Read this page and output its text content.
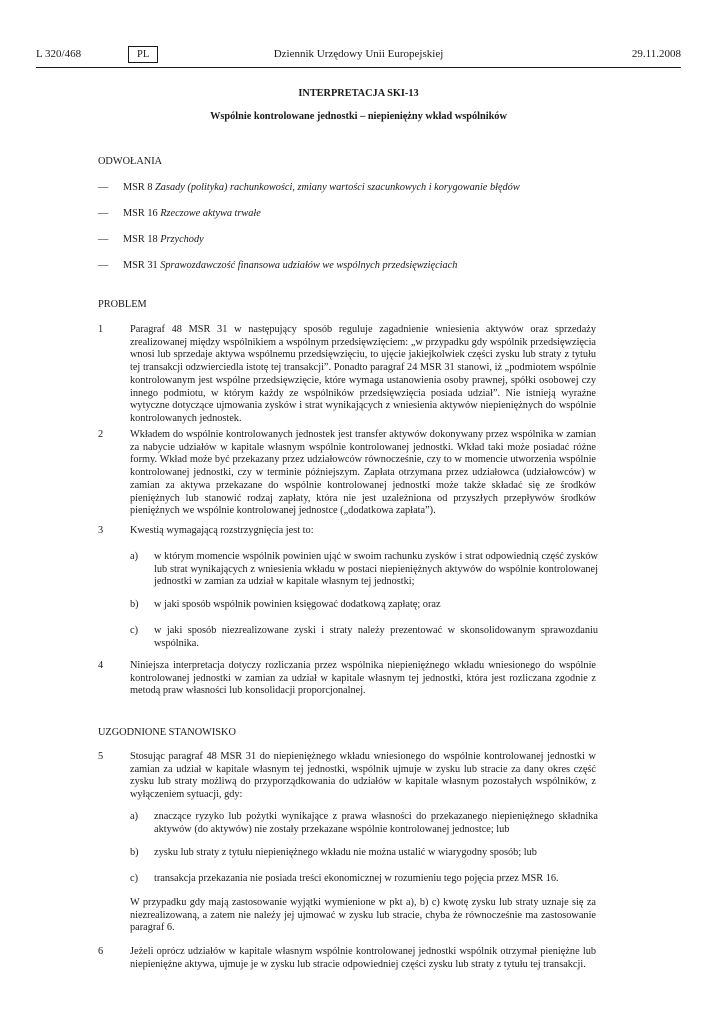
L 320/468	PL	Dziennik Urzędowy Unii Europejskiej	29.11.2008
INTERPRETACJA SKI-13
Wspólnie kontrolowane jednostki – niepieniężny wkład wspólników
ODWOŁANIA
— MSR 8 Zasady (polityka) rachunkowości, zmiany wartości szacunkowych i korygowanie błędów
— MSR 16 Rzeczowe aktywa trwałe
— MSR 18 Przychody
— MSR 31 Sprawozdawczość finansowa udziałów we wspólnych przedsięwzięciach
PROBLEM
1	Paragraf 48 MSR 31 w następujący sposób reguluje zagadnienie wniesienia aktywów oraz sprzedaży zrealizowanej między wspólnikiem a wspólnym przedsięwzięciem: „w przypadku gdy wspólnik przedsięwzięcia wnosi lub sprzedaje aktywa wspólnemu przedsięwzięciu, to ujęcie jakiejkolwiek części zysku lub straty z tytułu tej transakcji odzwierciedla istotę tej transakcji”. Ponadto paragraf 24 MSR 31 stanowi, iż „podmiotem wspólnie kontrolowanym jest wspólne przedsięwzięcie, które wymaga ustanowienia osoby prawnej, spółki osobowej czy innego podmiotu, w którym każdy ze wspólników przedsięwzięcia posiada udział”. Nie istnieją wyraźne wytyczne dotyczące ujmowania zysków i strat wynikających z wniesienia aktywów niepieniężnych do wspólnie kontrolowanych jednostek.
2	Wkładem do wspólnie kontrolowanych jednostek jest transfer aktywów dokonywany przez wspólnika w zamian za nabycie udziałów w kapitale własnym wspólnie kontrolowanej jednostki. Wkład taki może posiadać różne formy. Wkład może być przekazany przez udziałowców równocześnie, czy to w momencie utworzenia wspólnie kontrolowanej jednostki, czy w terminie późniejszym. Zapłata otrzymana przez udziałowca (udziałowców) w zamian za aktywa przekazane do wspólnie kontrolowanej jednostki może także składać się ze środków pieniężnych lub stanowić rodzaj zapłaty, która nie jest uzależniona od przyszłych przepływów środków pieniężnych we wspólnie kontrolowanej jednostce („dodatkowa zapłata”).
3	Kwestią wymagającą rozstrzygnięcia jest to:
a) w którym momencie wspólnik powinien ująć w swoim rachunku zysków i strat odpowiednią część zysków lub strat wynikających z wniesienia wkładu w postaci niepieniężnych aktywów do wspólnie kontrolowanej jednostki w zamian za udział w kapitale własnym tej jednostki;
b) w jaki sposób wspólnik powinien księgować dodatkową zapłatę; oraz
c) w jaki sposób niezrealizowane zyski i straty należy prezentować w skonsolidowanym sprawozdaniu wspólnika.
4	Niniejsza interpretacja dotyczy rozliczania przez wspólnika niepieniężnego wkładu wniesionego do wspólnie kontrolowanej jednostki w zamian za udział w kapitale własnym tej jednostki, która jest rozliczana zgodnie z metodą praw własności lub konsolidacji proporcjonalnej.
UZGODNIONE STANOWISKO
5	Stosując paragraf 48 MSR 31 do niepieniężnego wkładu wniesionego do wspólnie kontrolowanej jednostki w zamian za udział w kapitale własnym tej jednostki, wspólnik ujmuje w zysku lub stracie za dany okres część zysku lub straty możliwą do przyporządkowania do udziałów w kapitale własnym pozostałych wspólników, z wyłączeniem sytuacji, gdy:
a) znaczące ryzyko lub pożytki wynikające z prawa własności do przekazanego niepieniężnego składnika aktywów (do aktywów) nie zostały przekazane wspólnie kontrolowanej jednostce; lub
b) zysku lub straty z tytułu niepieniężnego wkładu nie można ustalić w wiarygodny sposób; lub
c) transakcja przekazania nie posiada treści ekonomicznej w rozumieniu tego pojęcia przez MSR 16.
W przypadku gdy mają zastosowanie wyjątki wymienione w pkt a), b) c) kwotę zysku lub straty uznaje się za niezrealizowaną, a zatem nie należy jej ujmować w zysku lub stracie, chyba że równocześnie ma zastosowanie paragraf 6.
6	Jeżeli oprócz udziałów w kapitale własnym wspólnie kontrolowanej jednostki wspólnik otrzymał pieniężne lub niepieniężne aktywa, ujmuje je w zysku lub stracie odpowiedniej części zysku lub straty z tytułu tej transakcji.
